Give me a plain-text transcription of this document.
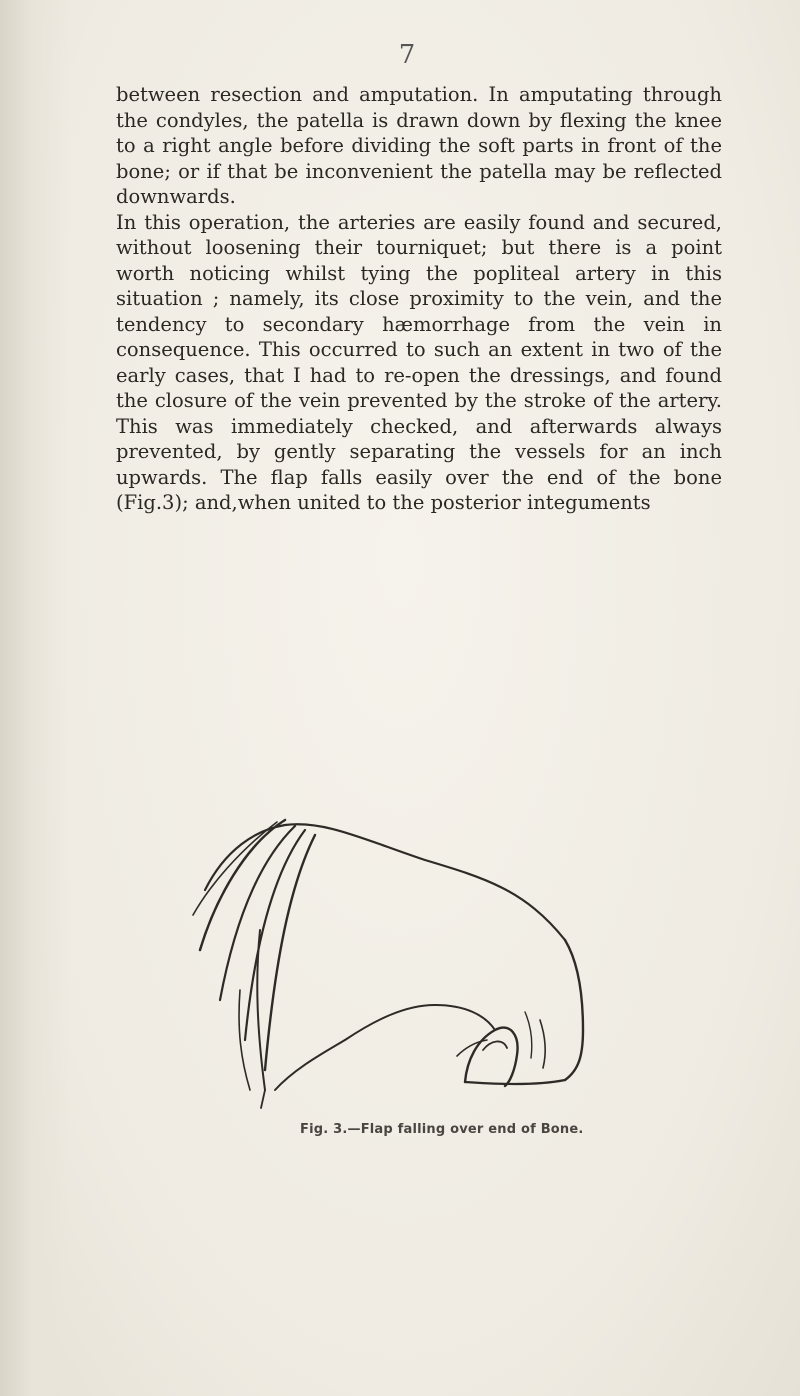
7

between resection and amputation. In amputating through the condyles, the patella is drawn down by flexing the knee to a right angle before dividing the soft parts in front of the bone; or if that be inconvenient the patella may be reflected downwards.

In this operation, the arteries are easily found and secured, without loosening their tourniquet; but there is a point worth noticing whilst tying the popliteal artery in this situation ; namely, its close proximity to the vein, and the tendency to secondary hæmorrhage from the vein in consequence. This occurred to such an extent in two of the early cases, that I had to re-open the dressings, and found the closure of the vein prevented by the stroke of the artery. This was immediately checked, and afterwards always prevented, by gently separating the vessels for an inch upwards. The flap falls easily over the end of the bone (Fig.3); and,when united to the posterior integuments

Fig. 3.—Flap falling over end of Bone.
